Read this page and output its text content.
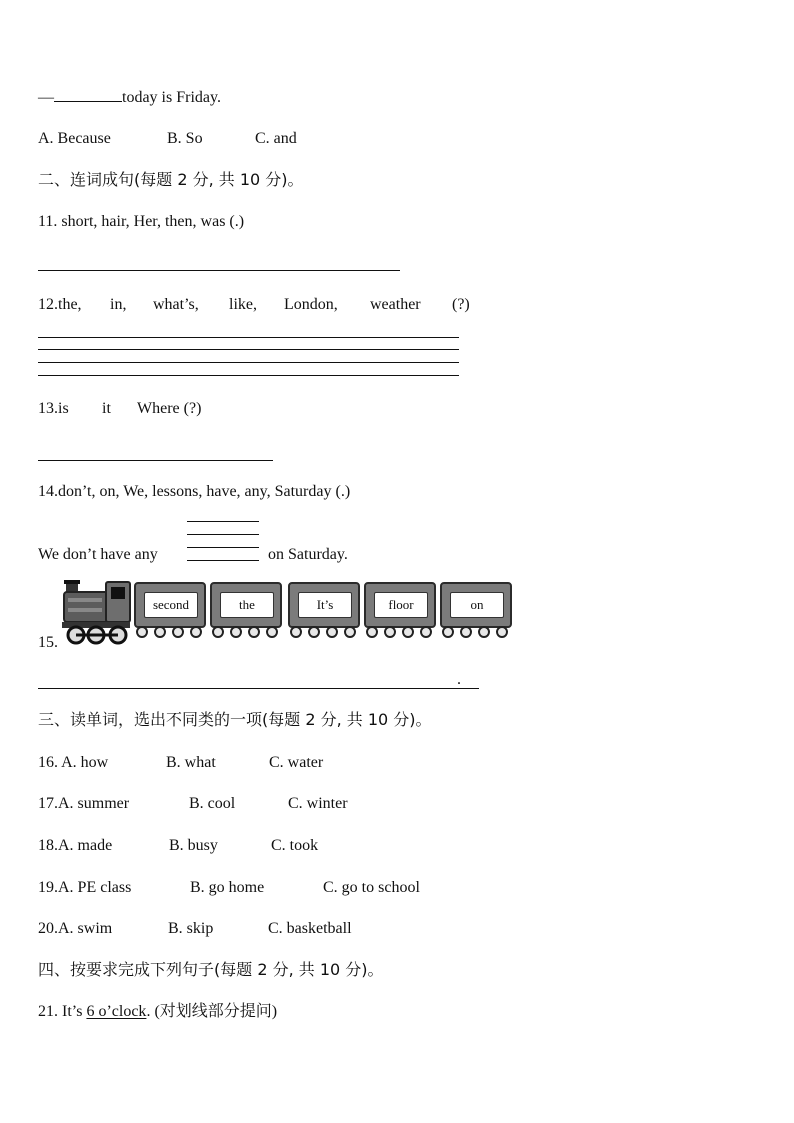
—	today is Friday.
A. Because	B. So	C. and
二、连词成句(每题 2 分, 共 10 分)。
11. short, hair, Her, then, was (.)
12.the, in, what’s, like, London, weather (?)
13.is it Where (?)
14.don’t, on, We, lessons, have, any, Saturday (.)
We don’t have any	on Saturday.
15.
second	the	It’s	floor	on
.
三、读单词，选出不同类的一项(每题 2 分, 共 10 分)。
16. A. how	B. what	C. water
17.A. summer	B. cool	C. winter
18.A. made	B. busy	C. took
19.A. PE class	B. go home	C. go to school
20.A. swim	B. skip	C. basketball
四、按要求完成下列句子(每题 2 分, 共 10 分)。
21. It’s 6 o’clock. (对划线部分提问)
